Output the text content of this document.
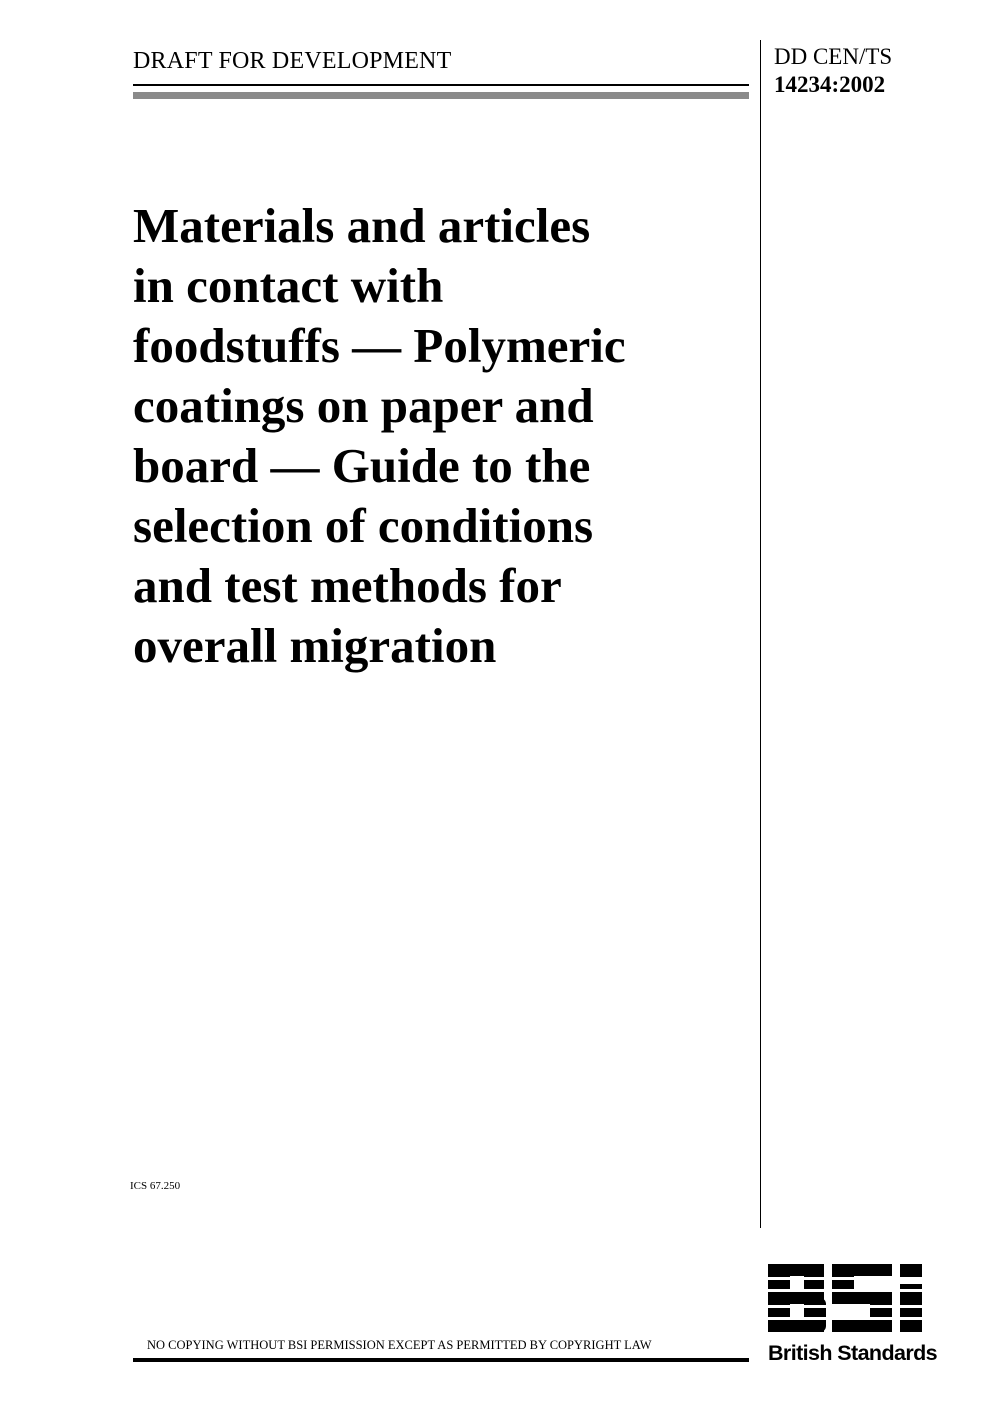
DRAFT FOR DEVELOPMENT	DD CEN/TS
14234:2002
Materials and articles
in contact with
foodstuffs — Polymeric
coatings on paper and
board — Guide to the
selection of conditions
and test methods for
overall migration
ICS 67.250
NO COPYING WITHOUT BSI PERMISSION EXCEPT AS PERMITTED BY COPYRIGHT LAW	British Standards
